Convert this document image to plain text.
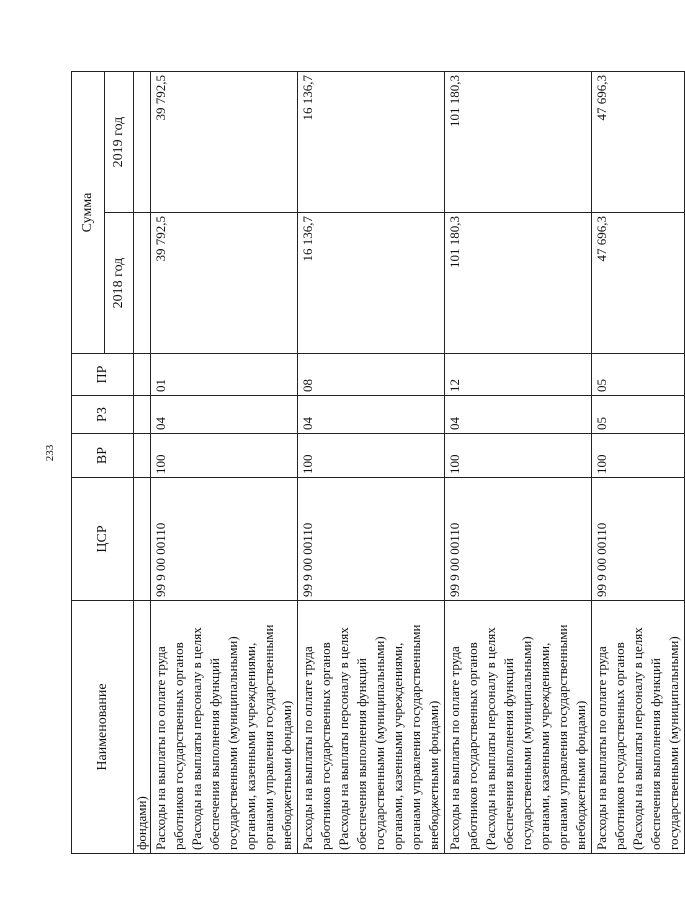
233
Наименование	ЦСР	ВР	РЗ	ПР	Сумма	
					2018 год	2019 год
фондами)						
Расходы на выплаты по оплате труда работников государственных органов (Расходы на выплаты персоналу в целях обеспечения выполнения функций государственными (муниципальными) органами, казенными учреждениями, органами управления государственными внебюджетными фондами)	99 9 00 00110	100	04	01	39 792,5	39 792,5
Расходы на выплаты по оплате труда работников государственных органов (Расходы на выплаты персоналу в целях обеспечения выполнения функций государственными (муниципальными) органами, казенными учреждениями, органами управления государственными внебюджетными фондами)	99 9 00 00110	100	04	08	16 136,7	16 136,7
Расходы на выплаты по оплате труда работников государственных органов (Расходы на выплаты персоналу в целях обеспечения выполнения функций государственными (муниципальными) органами, казенными учреждениями, органами управления государственными внебюджетными фондами)	99 9 00 00110	100	04	12	101 180,3	101 180,3
Расходы на выплаты по оплате труда работников государственных органов (Расходы на выплаты персоналу в целях обеспечения выполнения функций государственными (муниципальными)	99 9 00 00110	100	05	05	47 696,3	47 696,3
